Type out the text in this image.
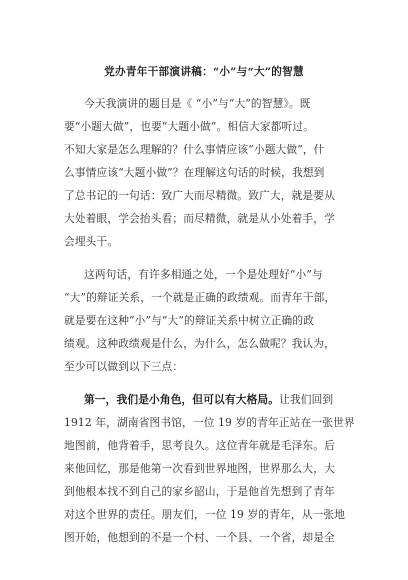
党办青年干部演讲稿：“小”与“大”的智慧
今天我演讲的题目是《 “小”与“大”的智慧》。既
要“小题大做”，也要“大题小做”。相信大家都听过。
不知大家是怎么理解的？什么事情应该“小题大做”，什
么事情应该“大题小做”？在理解这句话的时候，我想到
了总书记的一句话：致广大而尽精微。致广大，就是要从
大处着眼，学会抬头看；而尽精微，就是从小处着手，学
会埋头干。
这两句话，有许多相通之处，一个是处理好“小”与
“大”的辩证关系，一个就是正确的政绩观。而青年干部，
就是要在这种“小”与“大”的辩证关系中树立正确的政
绩观。这种政绩观是什么，为什么，怎么做呢？我认为，
至少可以做到以下三点：
第一，我们是小角色，但可以有大格局。让我们回到
1912 年，湖南省图书馆，一位 19 岁的青年正站在一张世界
地图前，他背着手，思考良久。这位青年就是毛泽东。后
来他回忆，那是他第一次看到世界地图，世界那么大，大
到他根本找不到自己的家乡韶山，于是他首先想到了青年
对这个世界的责任。朋友们，一位 19 岁的青年，从一张地
图开始，他想到的不是一个村、一个县、一个省，却是全
